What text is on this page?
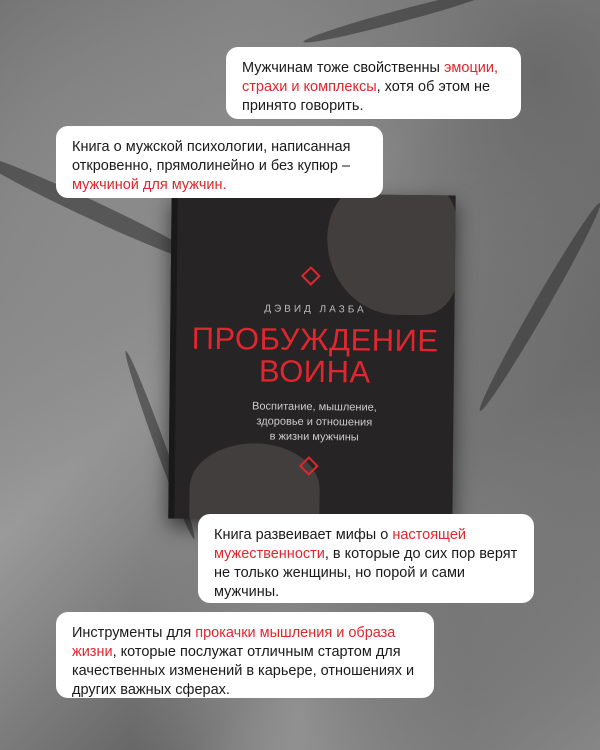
ДЭВИД ЛАЗБА
ПРОБУЖДЕНИЕ
ВОИНА
Воспитание, мышление,
здоровье и отношения
в жизни мужчины
Мужчинам тоже свойственны эмоции, страхи и комплексы, хотя об этом не принято говорить.
Книга о мужской психологии, написанная откровенно, прямолинейно и без купюр – мужчиной для мужчин.
Книга развеивает мифы о настоящей мужественности, в которые до сих пор верят не только женщины, но порой и сами мужчины.
Инструменты для прокачки мышления и образа жизни, которые послужат отличным стартом для качественных изменений в карьере, отношениях и других важных сферах.
